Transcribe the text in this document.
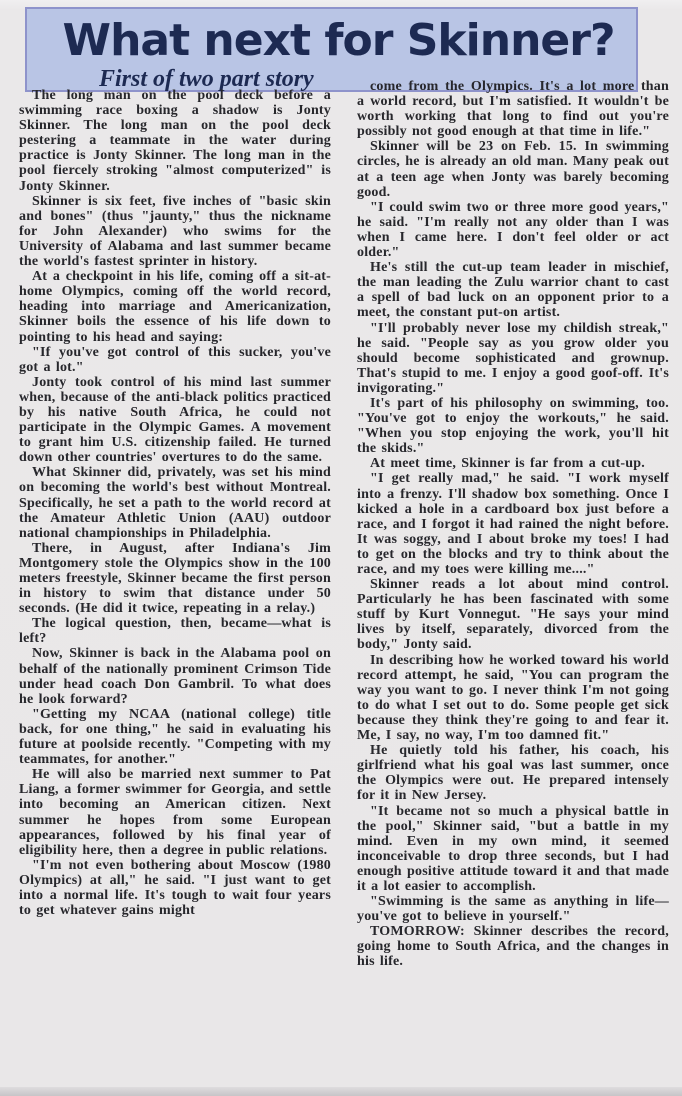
What next for Skinner?
First of two part story

The long man on the pool deck before a swimming race boxing a shadow is Jonty Skinner. The long man on the pool deck pestering a teammate in the water during practice is Jonty Skinner. The long man in the pool fiercely stroking "almost computerized" is Jonty Skinner.

Skinner is six feet, five inches of "basic skin and bones" (thus "jaunty," thus the nickname for John Alexander) who swims for the University of Alabama and last summer became the world's fastest sprinter in history.

At a checkpoint in his life, coming off a sit-at-home Olympics, coming off the world record, heading into marriage and Americanization, Skinner boils the essence of his life down to pointing to his head and saying:

"If you've got control of this sucker, you've got a lot."

Jonty took control of his mind last summer when, because of the anti-black politics practiced by his native South Africa, he could not participate in the Olympic Games. A movement to grant him U.S. citizenship failed. He turned down other countries' overtures to do the same.

What Skinner did, privately, was set his mind on becoming the world's best without Montreal. Specifically, he set a path to the world record at the Amateur Athletic Union (AAU) outdoor national championships in Philadelphia.

There, in August, after Indiana's Jim Montgomery stole the Olympics show in the 100 meters freestyle, Skinner became the first person in history to swim that distance under 50 seconds. (He did it twice, repeating in a relay.)

The logical question, then, became—what is left?

Now, Skinner is back in the Alabama pool on behalf of the nationally prominent Crimson Tide under head coach Don Gambril. To what does he look forward?

"Getting my NCAA (national college) title back, for one thing," he said in evaluating his future at poolside recently. "Competing with my teammates, for another."

He will also be married next summer to Pat Liang, a former swimmer for Georgia, and settle into becoming an American citizen. Next summer he hopes from some European appearances, followed by his final year of eligibility here, then a degree in public relations.

"I'm not even bothering about Moscow (1980 Olympics) at all," he said. "I just want to get into a normal life. It's tough to wait four years to get whatever gains might

come from the Olympics. It's a lot more than a world record, but I'm satisfied. It wouldn't be worth working that long to find out you're possibly not good enough at that time in life."

Skinner will be 23 on Feb. 15. In swimming circles, he is already an old man. Many peak out at a teen age when Jonty was barely becoming good.

"I could swim two or three more good years," he said. "I'm really not any older than I was when I came here. I don't feel older or act older."

He's still the cut-up team leader in mischief, the man leading the Zulu warrior chant to cast a spell of bad luck on an opponent prior to a meet, the constant put-on artist.

"I'll probably never lose my childish streak," he said. "People say as you grow older you should become sophisticated and grownup. That's stupid to me. I enjoy a good goof-off. It's invigorating."

It's part of his philosophy on swimming, too. "You've got to enjoy the workouts," he said. "When you stop enjoying the work, you'll hit the skids."

At meet time, Skinner is far from a cut-up.

"I get really mad," he said. "I work myself into a frenzy. I'll shadow box something. Once I kicked a hole in a cardboard box just before a race, and I forgot it had rained the night before. It was soggy, and I about broke my toes! I had to get on the blocks and try to think about the race, and my toes were killing me...."

Skinner reads a lot about mind control. Particularly he has been fascinated with some stuff by Kurt Vonnegut. "He says your mind lives by itself, separately, divorced from the body," Jonty said.

In describing how he worked toward his world record attempt, he said, "You can program the way you want to go. I never think I'm not going to do what I set out to do. Some people get sick because they think they're going to and fear it. Me, I say, no way, I'm too damned fit."

He quietly told his father, his coach, his girlfriend what his goal was last summer, once the Olympics were out. He prepared intensely for it in New Jersey.

"It became not so much a physical battle in the pool," Skinner said, "but a battle in my mind. Even in my own mind, it seemed inconceivable to drop three seconds, but I had enough positive attitude toward it and that made it a lot easier to accomplish.

"Swimming is the same as anything in life—you've got to believe in yourself."

TOMORROW: Skinner describes the record, going home to South Africa, and the changes in his life.
